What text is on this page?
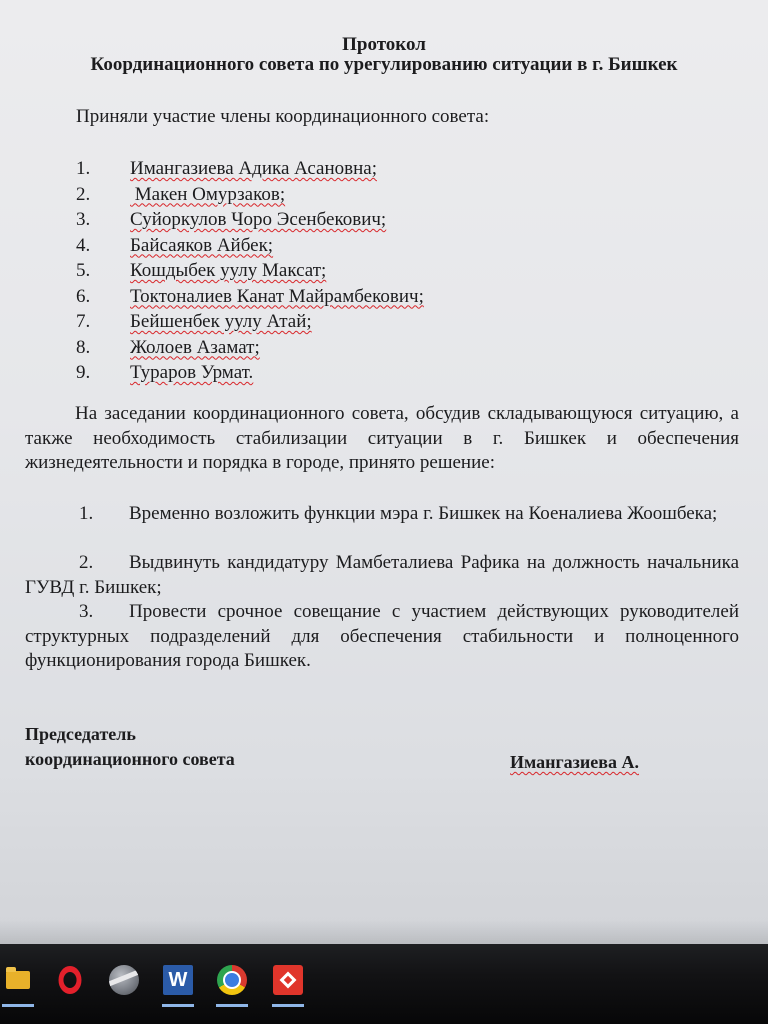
Протокол
Координационного совета по урегулированию ситуации в г. Бишкек
Приняли участие члены координационного совета:
1. Имангазиева Адика Асановна;
2. Макен Омурзаков;
3. Суйоркулов Чоро Эсенбекович;
4. Байсаяков Айбек;
5. Кошдыбек уулу Максат;
6. Токтоналиев Канат Майрамбекович;
7. Бейшенбек уулу Атай;
8. Жолоев Азамат;
9. Тураров Урмат.
На заседании координационного совета, обсудив складывающуюся ситуацию, а также необходимость стабилизации ситуации в г. Бишкек и обеспечения жизнедеятельности и порядка в городе, принято решение:
1. Временно возложить функции мэра г. Бишкек на Коеналиева Жоошбека;
2. Выдвинуть кандидатуру Мамбеталиева Рафика на должность начальника ГУВД г. Бишкек;
3. Провести срочное совещание с участием действующих руководителей структурных подразделений для обеспечения стабильности и полноценного функционирования города Бишкек.
Председатель
координационного совета	Имангазиева А.
W
